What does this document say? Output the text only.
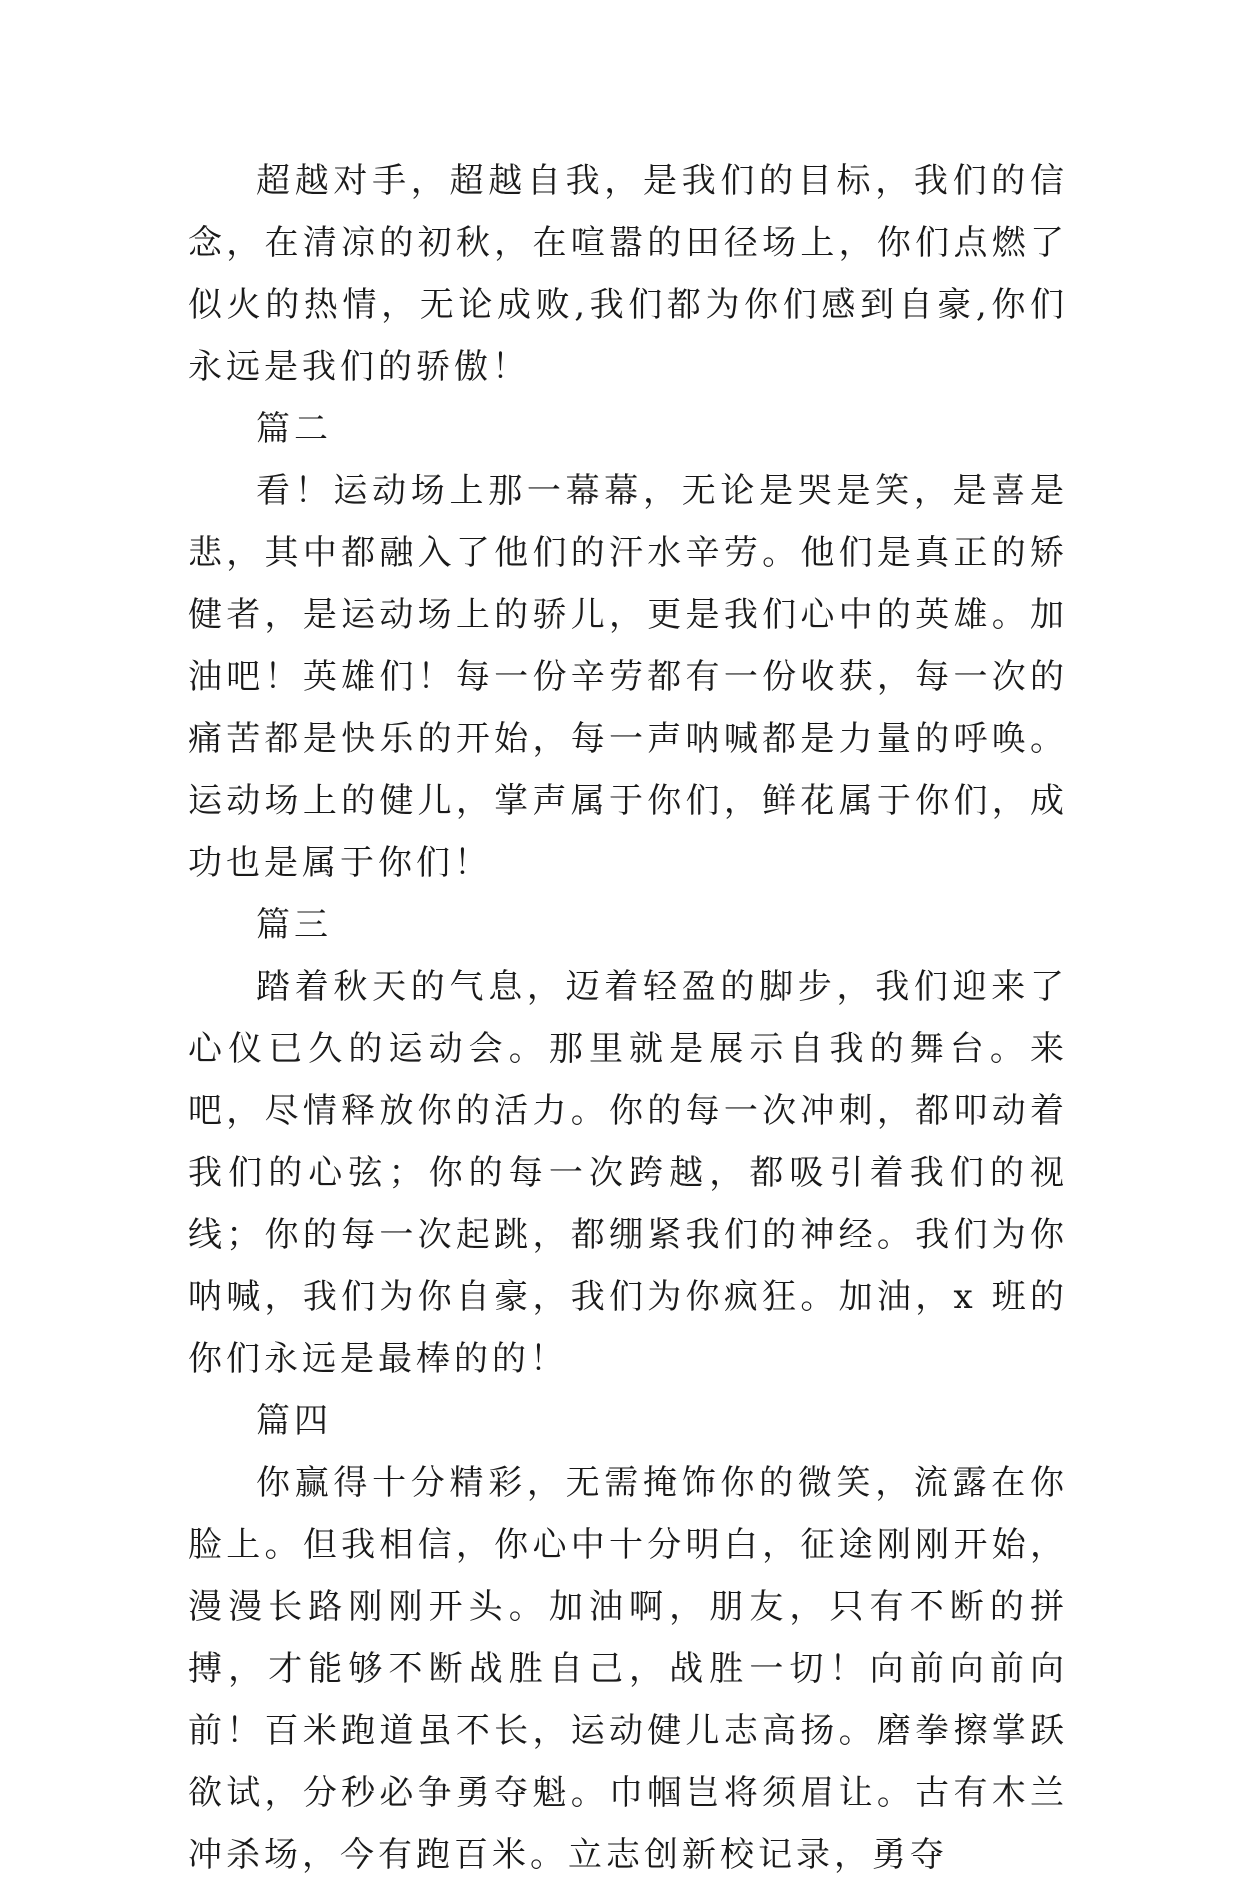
超越对手，超越自我，是我们的目标，我们的信念，在清凉的初秋，在喧嚣的田径场上，你们点燃了似火的热情，无论成败,我们都为你们感到自豪,你们永远是我们的骄傲！

篇二

看！运动场上那一幕幕，无论是哭是笑，是喜是悲，其中都融入了他们的汗水辛劳。他们是真正的矫健者，是运动场上的骄儿，更是我们心中的英雄。加油吧！英雄们！每一份辛劳都有一份收获，每一次的痛苦都是快乐的开始，每一声呐喊都是力量的呼唤。运动场上的健儿，掌声属于你们，鲜花属于你们，成功也是属于你们！

篇三

踏着秋天的气息，迈着轻盈的脚步，我们迎来了心仪已久的运动会。那里就是展示自我的舞台。来吧，尽情释放你的活力。你的每一次冲刺，都叩动着我们的心弦；你的每一次跨越，都吸引着我们的视线；你的每一次起跳，都绷紧我们的神经。我们为你呐喊，我们为你自豪，我们为你疯狂。加油，x 班的你们永远是最棒的的！

篇四

你赢得十分精彩，无需掩饰你的微笑，流露在你脸上。但我相信，你心中十分明白，征途刚刚开始，漫漫长路刚刚开头。加油啊，朋友，只有不断的拼搏，才能够不断战胜自己，战胜一切！向前向前向前！百米跑道虽不长，运动健儿志高扬。磨拳擦掌跃欲试，分秒必争勇夺魁。巾帼岂将须眉让。古有木兰冲杀场，今有跑百米。立志创新校记录，勇夺
